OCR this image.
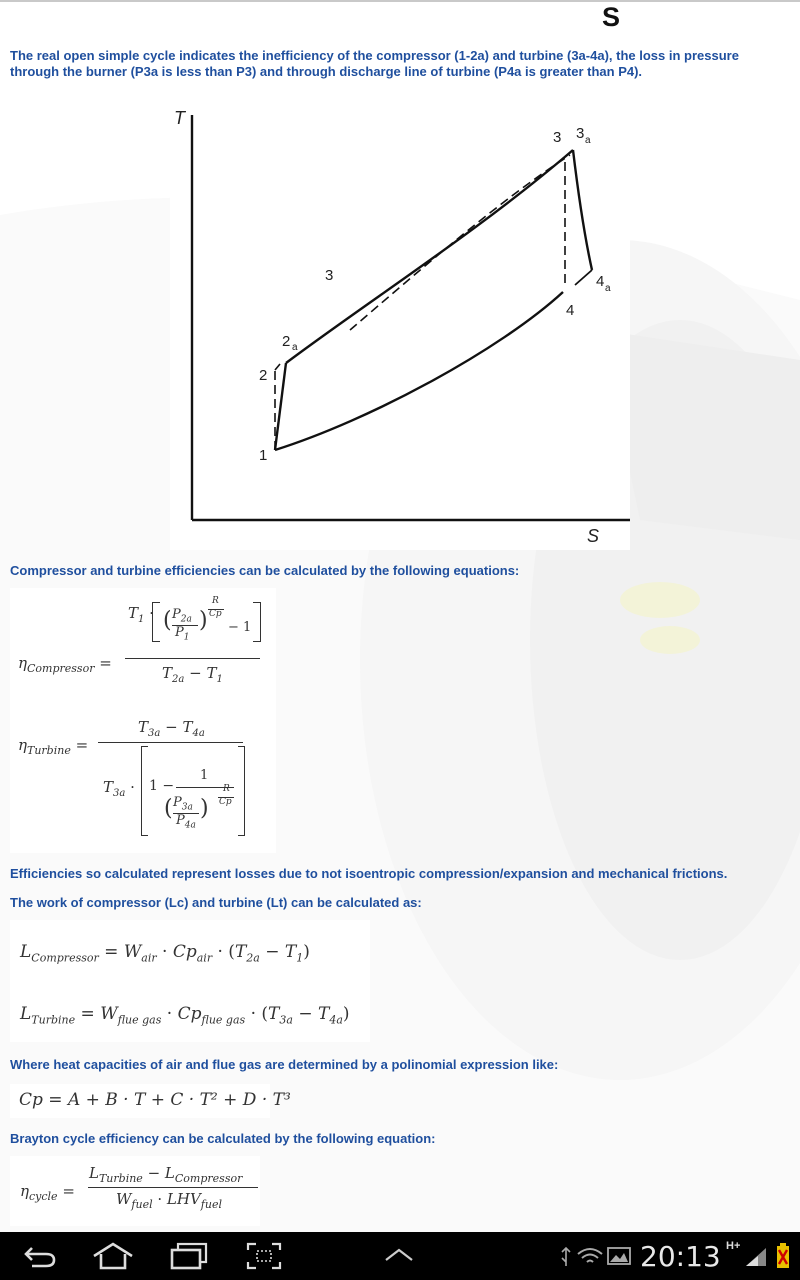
S
The real open simple cycle indicates the inefficiency of the compressor (1-2a) and turbine (3a-4a), the loss in pressure through the burner (P3a is less than P3) and through discharge line of turbine (P4a is greater than P4).
T
S
1
2
2 a
3
3 3 a
4
4 a
Compressor and turbine efficiencies can be calculated by the following equations:
$\eta_{Compressor}$ =
$T_1$ · ( $P_{2a}$
$P_1$
)
R
Cp
− 1
$T_{2a} - T_1$
$\eta_{Turbine}$ =
$T_{3a} - T_{4a}$
$T_{3a} \cdot 1$ −
1
( $P_{3a}$
$P_{4a}$
)
R
Cp
Efficiencies so calculated represent losses due to not isoentropic compression/expansion and mechanical frictions.
The work of compressor (Lc) and turbine (Lt) can be calculated as:
$L_{Compressor} = W_{air} \cdot Cp_{air} \cdot (T_{2a} - T_1)$
$L_{Turbine} = W_{flue gas} \cdot Cp_{flue gas} \cdot (T_{3a} - T_{4a})$
Where heat capacities of air and flue gas are determined by a polinomial expression like:
Cp = A + B · T + C · T² + D · T³
Brayton cycle efficiency can be calculated by the following equation:
$\eta_{cycle}$ =
$L_{Turbine} - L_{Compressor}$
$W_{fuel} \cdot LHV_{fuel}$
20:13 H+
